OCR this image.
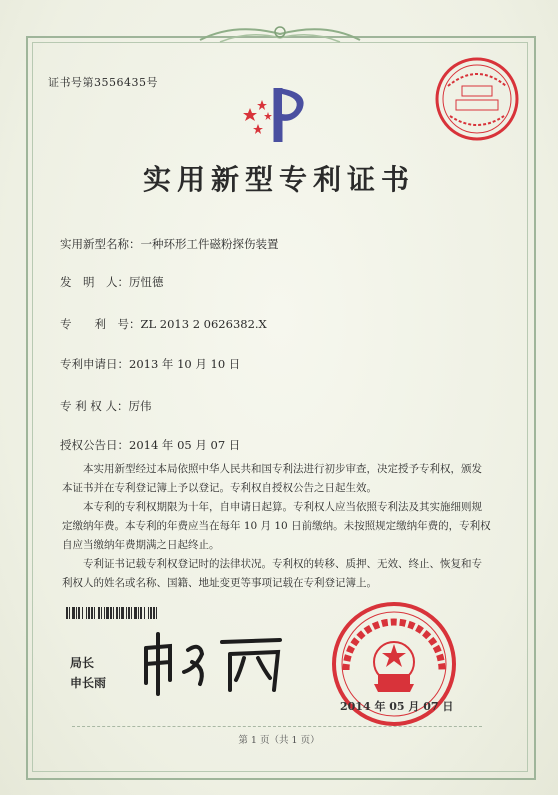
证书号第3556435号
实用新型专利证书
实用新型名称：一种环形工件磁粉探伤装置
发　明　人：厉忸德
专　　利　号：ZL 2013 2 0626382.X
专利申请日：2013 年 10 月 10 日
专 利 权 人：厉伟
授权公告日：2014 年 05 月 07 日
本实用新型经过本局依照中华人民共和国专利法进行初步审查，决定授予专利权，颁发本证书并在专利登记簿上予以登记。专利权自授权公告之日起生效。
本专利的专利权期限为十年，自申请日起算。专利权人应当依照专利法及其实施细则规定缴纳年费。本专利的年费应当在每年 10 月 10 日前缴纳。未按照规定缴纳年费的，专利权自应当缴纳年费期满之日起终止。
专利证书记载专利权登记时的法律状况。专利权的转移、质押、无效、终止、恢复和专利权人的姓名或名称、国籍、地址变更等事项记载在专利登记簿上。
局长
申长雨
2014 年 05 月 07 日
第 1 页（共 1 页）
